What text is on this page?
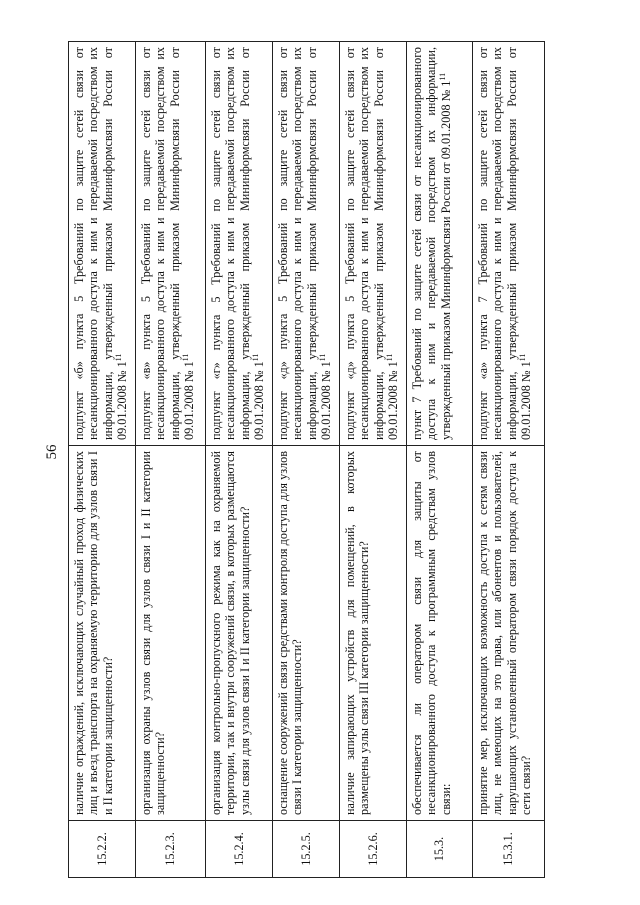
56
15.2.2.	наличие ограждений, исключающих случайный проход физических лиц и въезд транспорта на охраняемую территорию для узлов связи I и II категории защищенности?	подпункт «б» пункта 5 Требований по защите сетей связи от несанкционированного доступа к ним и передаваемой посредством их информации, утвержденный приказом Мининформсвязи России от 09.01.2008 № $1^{11}$
15.2.3.	организация охраны узлов связи для узлов связи I и II категории защищенности?	подпункт «в» пункта 5 Требований по защите сетей связи от несанкционированного доступа к ним и передаваемой посредством их информации, утвержденный приказом Мининформсвязи России от 09.01.2008 № $1^{11}$
15.2.4.	организация контрольно-пропускного режима как на охраняемой территории, так и внутри сооружений связи, в которых размещаются узлы связи для узлов связи I и II категории защищенности?	подпункт «г» пункта 5 Требований по защите сетей связи от несанкционированного доступа к ним и передаваемой посредством их информации, утвержденный приказом Мининформсвязи России от 09.01.2008 № $1^{11}$
15.2.5.	оснащение сооружений связи средствами контроля доступа для узлов связи I категории защищенности?	подпункт «д» пункта 5 Требований по защите сетей связи от несанкционированного доступа к ним и передаваемой посредством их информации, утвержденный приказом Мининформсвязи России от 09.01.2008 № $1^{11}$
15.2.6.	наличие запирающих устройств для помещений, в которых размещены узлы связи III категории защищенности?	подпункт «д» пункта 5 Требований по защите сетей связи от несанкционированного доступа к ним и передаваемой посредством их информации, утвержденный приказом Мининформсвязи России от 09.01.2008 № $1^{11}$
15.3.	обеспечивается ли оператором связи для защиты от несанкционированного доступа к программным средствам узлов связи:	пункт 7 Требований по защите сетей связи от несанкционированного доступа к ним и передаваемой посредством их информации, утвержденный приказом Мининформсвязи России от 09.01.2008 № $1^{11}$
15.3.1.	принятие мер, исключающих возможность доступа к сетям связи лиц, не имеющих на это права, или абонентов и пользователей, нарушающих установленный оператором связи порядок доступа к сети связи?	подпункт «а» пункта 7 Требований по защите сетей связи от несанкционированного доступа к ним и передаваемой посредством их информации, утвержденный приказом Мининформсвязи России от 09.01.2008 № $1^{11}$
